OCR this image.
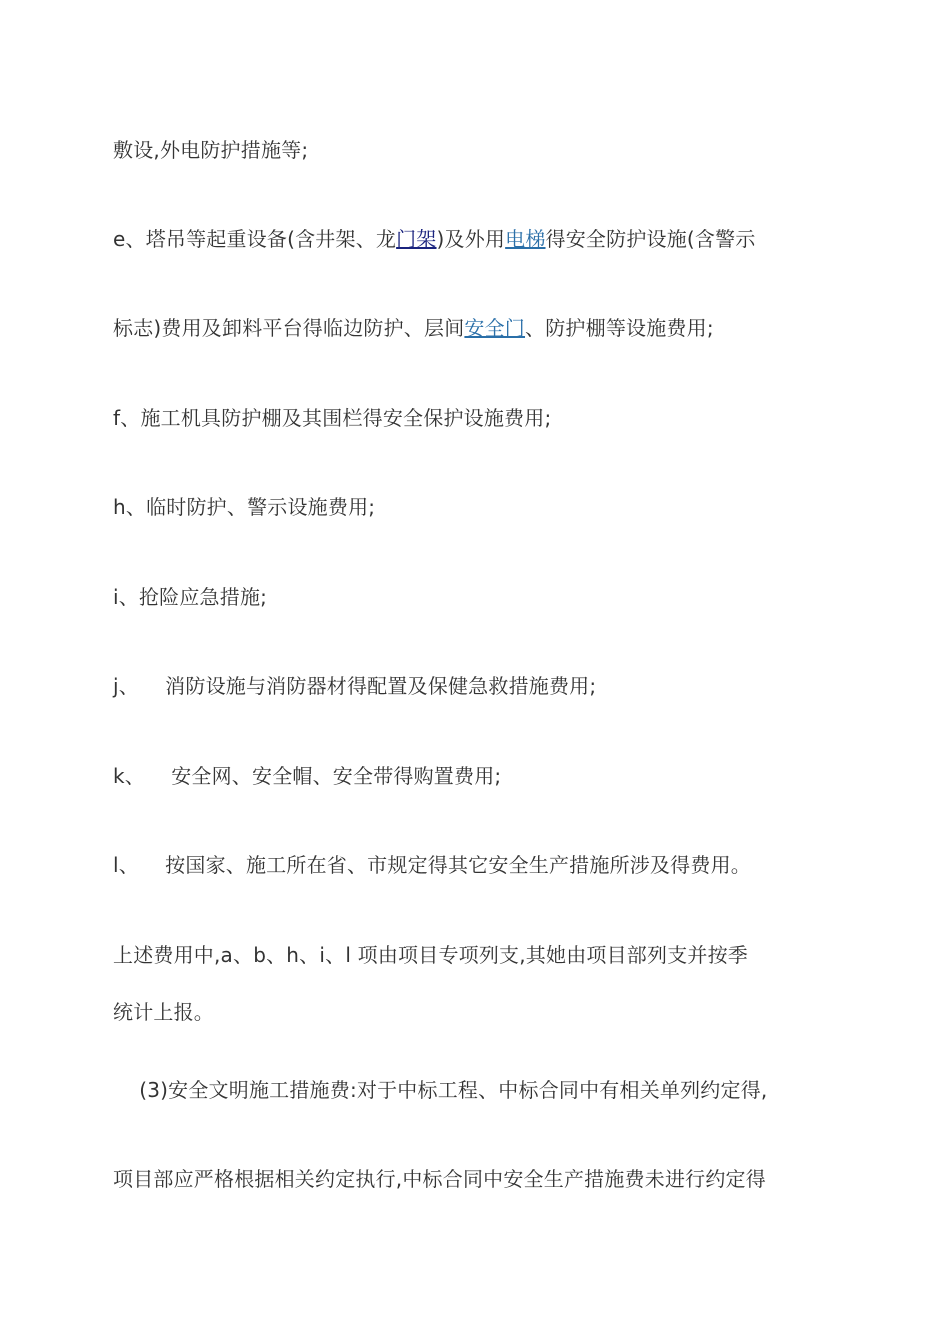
敷设,外电防护措施等;
e、塔吊等起重设备(含井架、龙门架)及外用电梯得安全防护设施(含警示
标志)费用及卸料平台得临边防护、层间安全门、防护棚等设施费用;
f、施工机具防护棚及其围栏得安全保护设施费用;
h、临时防护、警示设施费用;
i、抢险应急措施;
j、    消防设施与消防器材得配置及保健急救措施费用;
k、    安全网、安全帽、安全带得购置费用;
l、    按国家、施工所在省、市规定得其它安全生产措施所涉及得费用。
上述费用中,a、b、h、i、l 项由项目专项列支,其她由项目部列支并按季
统计上报。
(3)安全文明施工措施费:对于中标工程、中标合同中有相关单列约定得,
项目部应严格根据相关约定执行,中标合同中安全生产措施费未进行约定得
